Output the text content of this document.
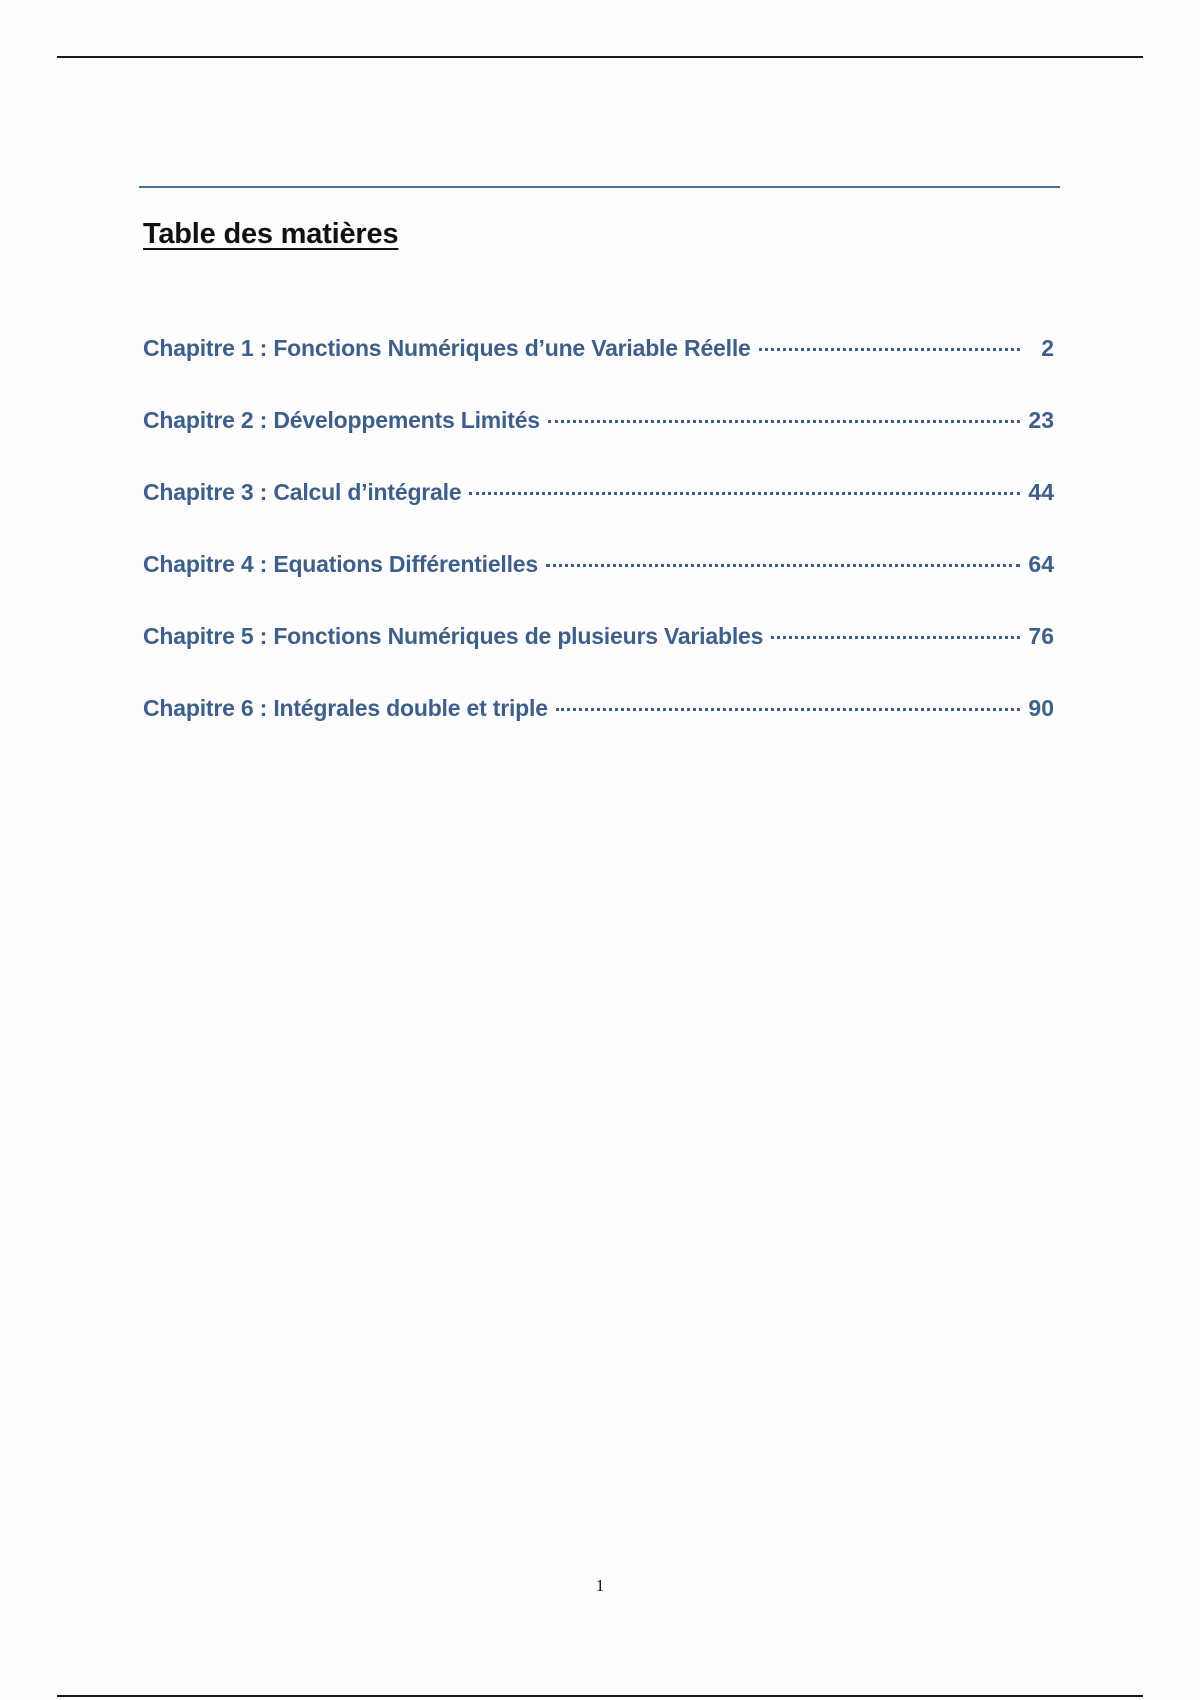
Table des matières
Chapitre 1 : Fonctions Numériques d’une Variable Réelle	2
Chapitre 2 : Développements Limités	23
Chapitre 3 : Calcul d’intégrale	44
Chapitre 4 : Equations Différentielles	64
Chapitre 5 : Fonctions Numériques de plusieurs Variables	76
Chapitre 6 : Intégrales double et triple	90
1
